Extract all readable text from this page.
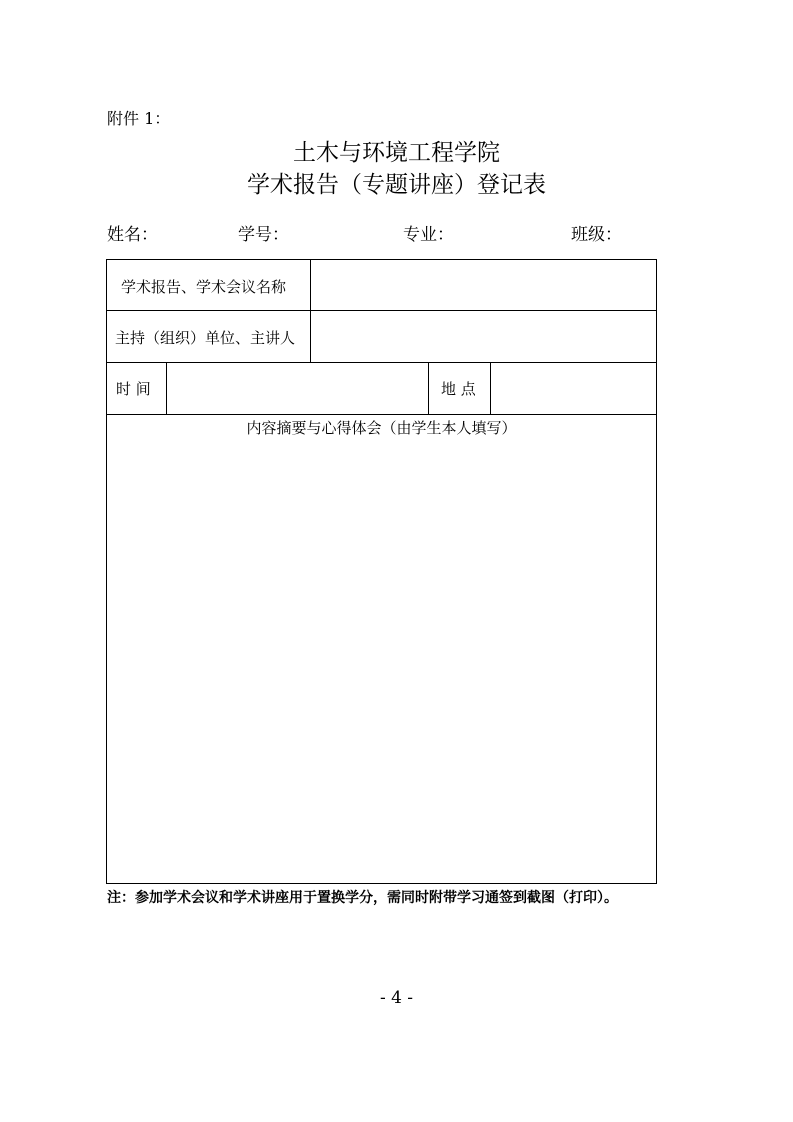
附件 1：
土木与环境工程学院
学术报告（专题讲座）登记表
姓名：	学号：	专业：	班级：
学术报告、学术会议名称
主持（组织）单位、主讲人
时 间	地 点
内容摘要与心得体会（由学生本人填写）
注：参加学术会议和学术讲座用于置换学分，需同时附带学习通签到截图（打印）。
- 4 -
